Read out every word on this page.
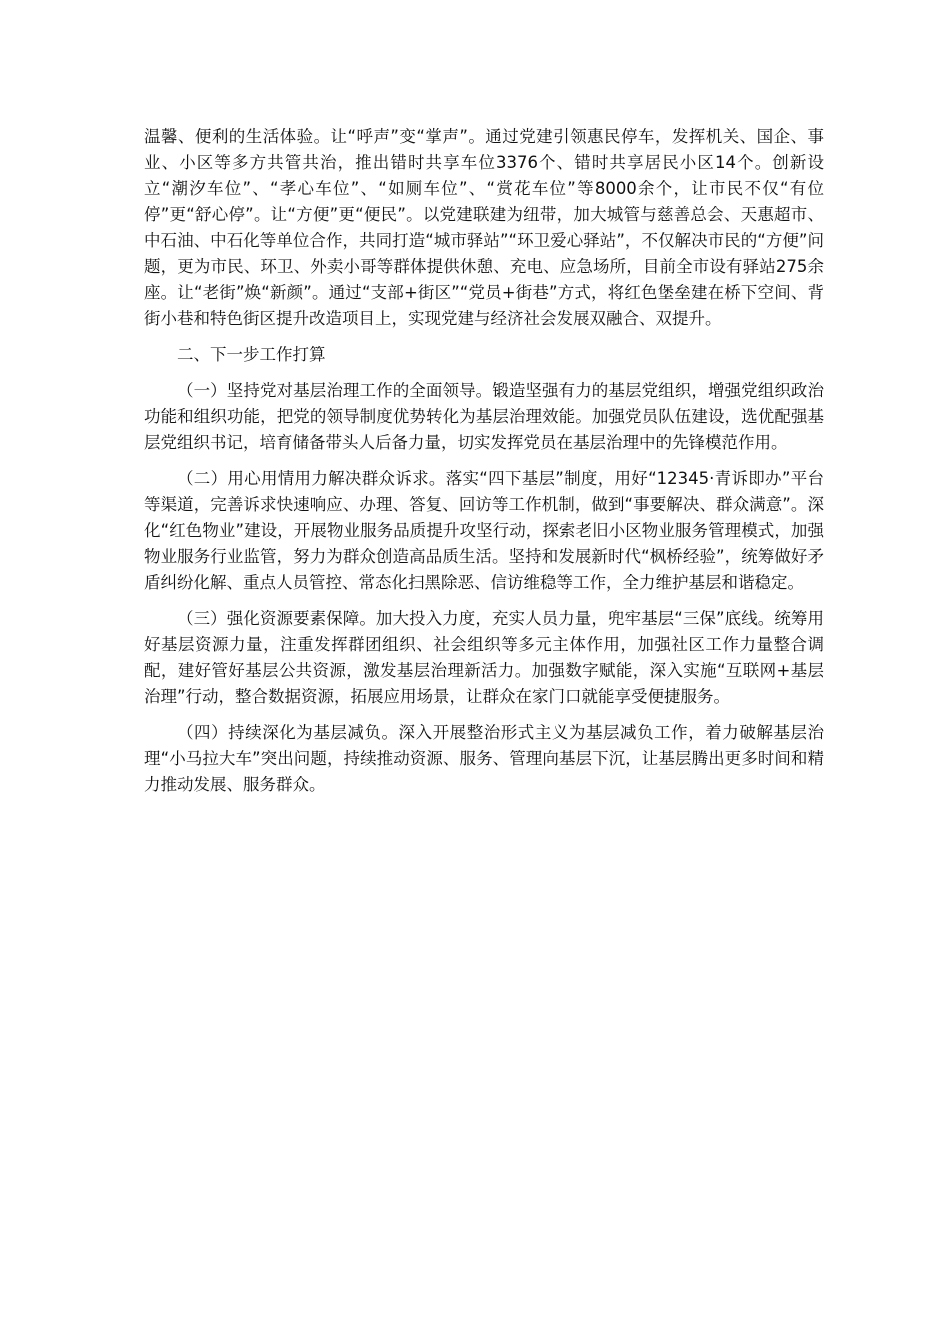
温馨、便利的生活体验。让“呼声”变“掌声”。通过党建引领惠民停车，发挥机关、国企、事业、小区等多方共管共治，推出错时共享车位3376个、错时共享居民小区14个。创新设立“潮汐车位”、“孝心车位”、“如厕车位”、“赏花车位”等8000余个，让市民不仅“有位停”更“舒心停”。让“方便”更“便民”。以党建联建为纽带，加大城管与慈善总会、天惠超市、中石油、中石化等单位合作，共同打造“城市驿站”“环卫爱心驿站”，不仅解决市民的“方便”问题，更为市民、环卫、外卖小哥等群体提供休憩、充电、应急场所，目前全市设有驿站275余座。让“老街”焕“新颜”。通过“支部+街区”“党员+街巷”方式，将红色堡垒建在桥下空间、背街小巷和特色街区提升改造项目上，实现党建与经济社会发展双融合、双提升。

二、下一步工作打算

（一）坚持党对基层治理工作的全面领导。锻造坚强有力的基层党组织，增强党组织政治功能和组织功能，把党的领导制度优势转化为基层治理效能。加强党员队伍建设，选优配强基层党组织书记，培育储备带头人后备力量，切实发挥党员在基层治理中的先锋模范作用。

（二）用心用情用力解决群众诉求。落实“四下基层”制度，用好“12345·青诉即办”平台等渠道，完善诉求快速响应、办理、答复、回访等工作机制，做到“事要解决、群众满意”。深化“红色物业”建设，开展物业服务品质提升攻坚行动，探索老旧小区物业服务管理模式，加强物业服务行业监管，努力为群众创造高品质生活。坚持和发展新时代“枫桥经验”，统筹做好矛盾纠纷化解、重点人员管控、常态化扫黑除恶、信访维稳等工作，全力维护基层和谐稳定。

（三）强化资源要素保障。加大投入力度，充实人员力量，兜牢基层“三保”底线。统筹用好基层资源力量，注重发挥群团组织、社会组织等多元主体作用，加强社区工作力量整合调配，建好管好基层公共资源，激发基层治理新活力。加强数字赋能，深入实施“互联网+基层治理”行动，整合数据资源，拓展应用场景，让群众在家门口就能享受便捷服务。

（四）持续深化为基层减负。深入开展整治形式主义为基层减负工作，着力破解基层治理“小马拉大车”突出问题，持续推动资源、服务、管理向基层下沉，让基层腾出更多时间和精力推动发展、服务群众。
